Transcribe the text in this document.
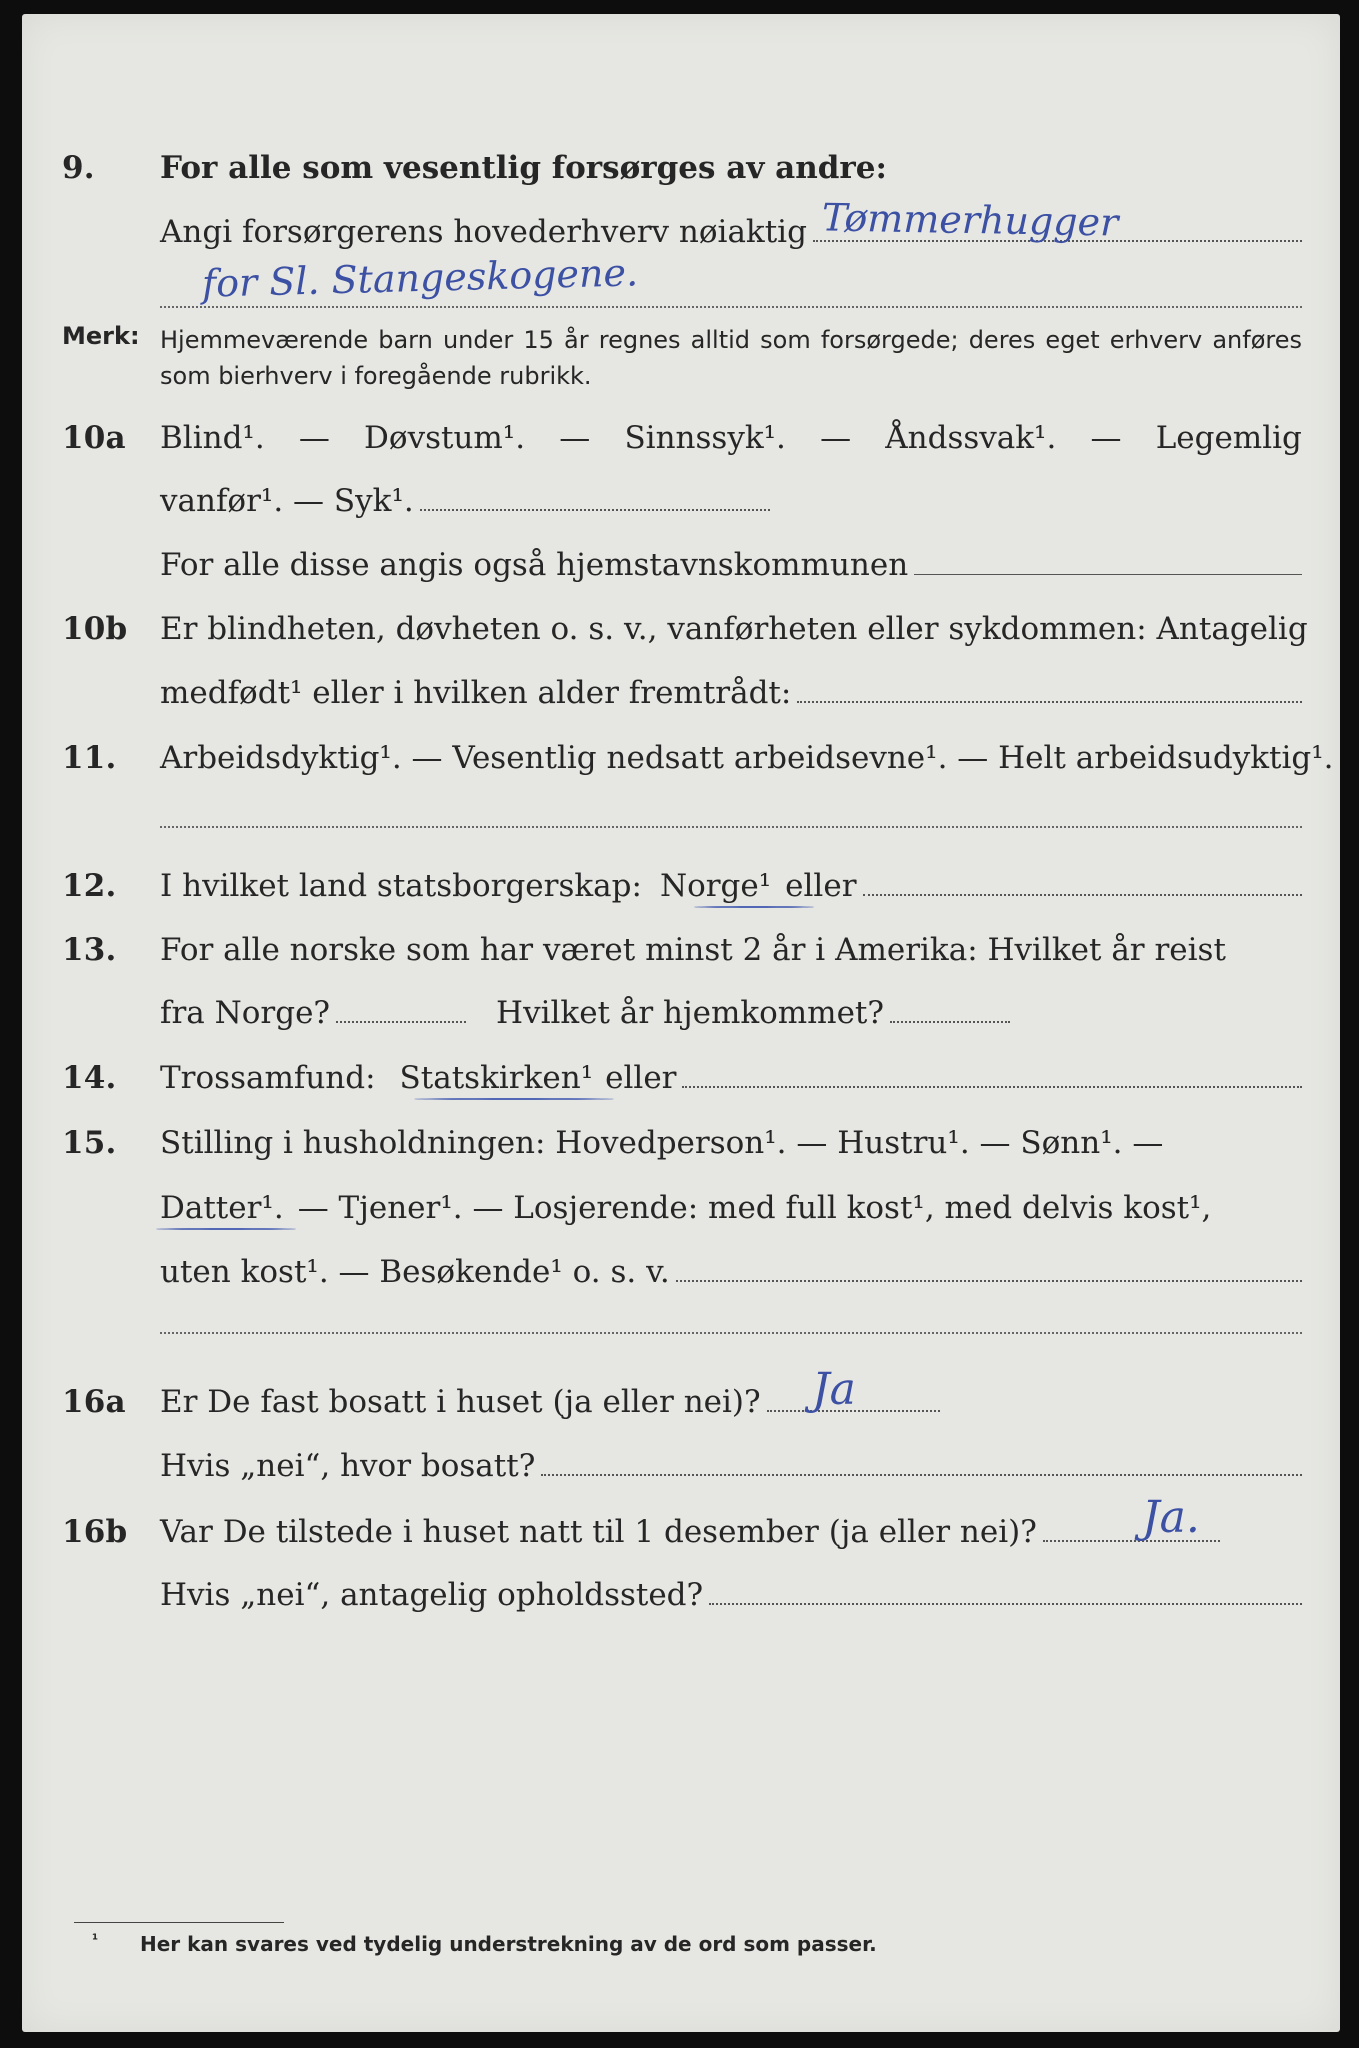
9. For alle som vesentlig forsørges av andre:
Angi forsørgerens hovederhverv nøiaktig Tømmerhugger
for Sl. Stangeskogene.
Merk: Hjemmeværende barn under 15 år regnes alltid som forsørgede; deres eget erhverv anføres som bierhverv i foregående rubrikk.
10a Blind¹. — Døvstum¹. — Sinnssyk¹. — Åndssvak¹. — Legemlig
vanfør¹. — Syk¹.
For alle disse angis også hjemstavnskommunen
10b Er blindheten, døvheten o. s. v., vanførheten eller sykdommen: Antagelig
medfødt¹ eller i hvilken alder fremtrådt:
11. Arbeidsdyktig¹. — Vesentlig nedsatt arbeidsevne¹. — Helt arbeidsudyktig¹.
12. I hvilket land statsborgerskap: Norge¹ eller
13. For alle norske som har været minst 2 år i Amerika: Hvilket år reist
fra Norge?	Hvilket år hjemkommet?
14. Trossamfund: Statskirken¹ eller
15. Stilling i husholdningen: Hovedperson¹. — Hustru¹. — Sønn¹. —
Datter¹. — Tjener¹. — Losjerende: med full kost¹, med delvis kost¹,
uten kost¹. — Besøkende¹ o. s. v.
16a Er De fast bosatt i huset (ja eller nei)? Ja
Hvis „nei“, hvor bosatt?
16b Var De tilstede i huset natt til 1 desember (ja eller nei)? Ja.
Hvis „nei“, antagelig opholdssted?
¹ Her kan svares ved tydelig understrekning av de ord som passer.
